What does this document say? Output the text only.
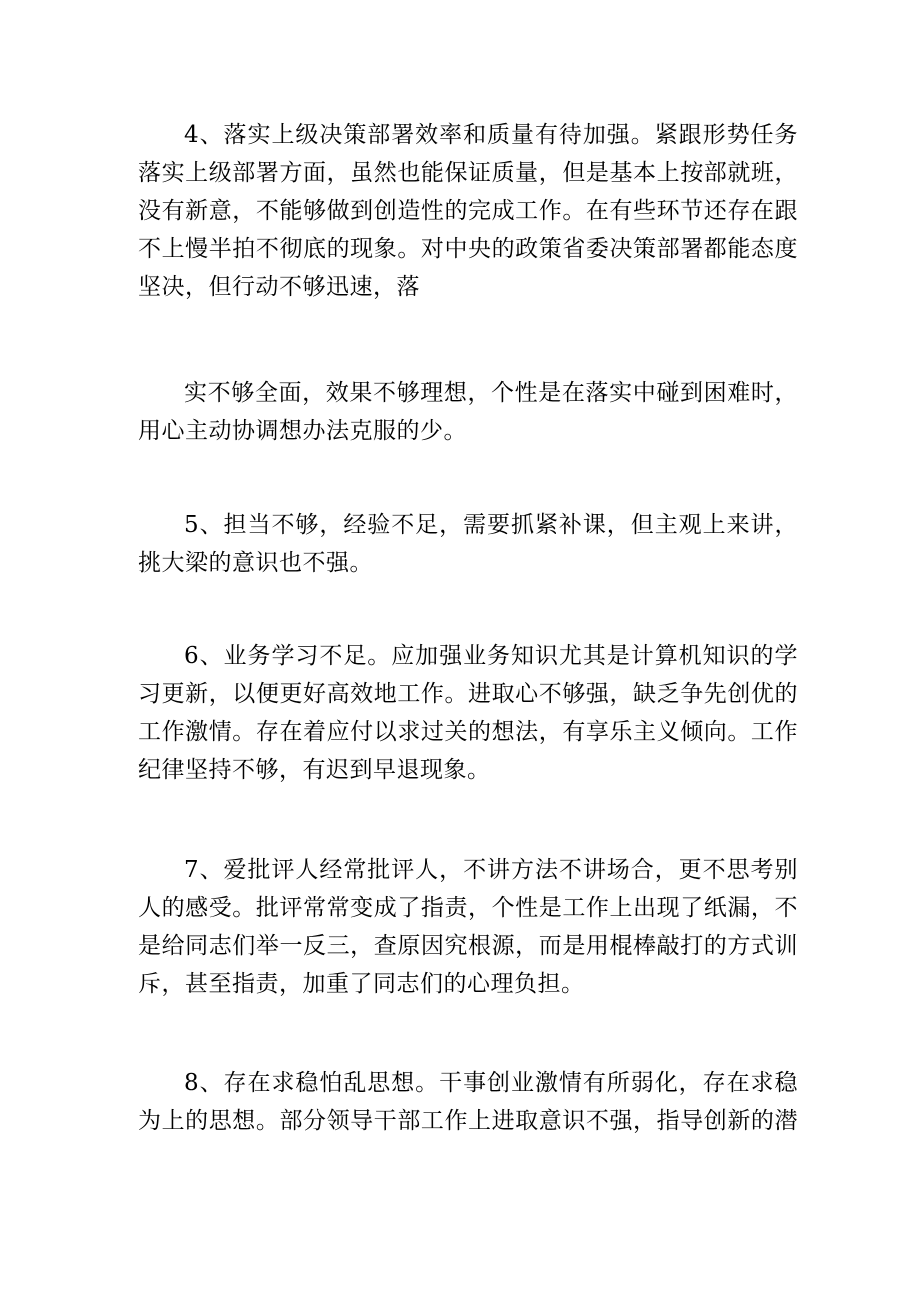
4、落实上级决策部署效率和质量有待加强。紧跟形势任务
落实上级部署方面，虽然也能保证质量，但是基本上按部就班，
没有新意，不能够做到创造性的完成工作。在有些环节还存在跟
不上慢半拍不彻底的现象。对中央的政策省委决策部署都能态度
坚决，但行动不够迅速，落
实不够全面，效果不够理想，个性是在落实中碰到困难时，
用心主动协调想办法克服的少。
5、担当不够，经验不足，需要抓紧补课，但主观上来讲，
挑大梁的意识也不强。
6、业务学习不足。应加强业务知识尤其是计算机知识的学
习更新，以便更好高效地工作。进取心不够强，缺乏争先创优的
工作激情。存在着应付以求过关的想法，有享乐主义倾向。工作
纪律坚持不够，有迟到早退现象。
7、爱批评人经常批评人，不讲方法不讲场合，更不思考别
人的感受。批评常常变成了指责，个性是工作上出现了纸漏，不
是给同志们举一反三，查原因究根源，而是用棍棒敲打的方式训
斥，甚至指责，加重了同志们的心理负担。
8、存在求稳怕乱思想。干事创业激情有所弱化，存在求稳
为上的思想。部分领导干部工作上进取意识不强，指导创新的潜
